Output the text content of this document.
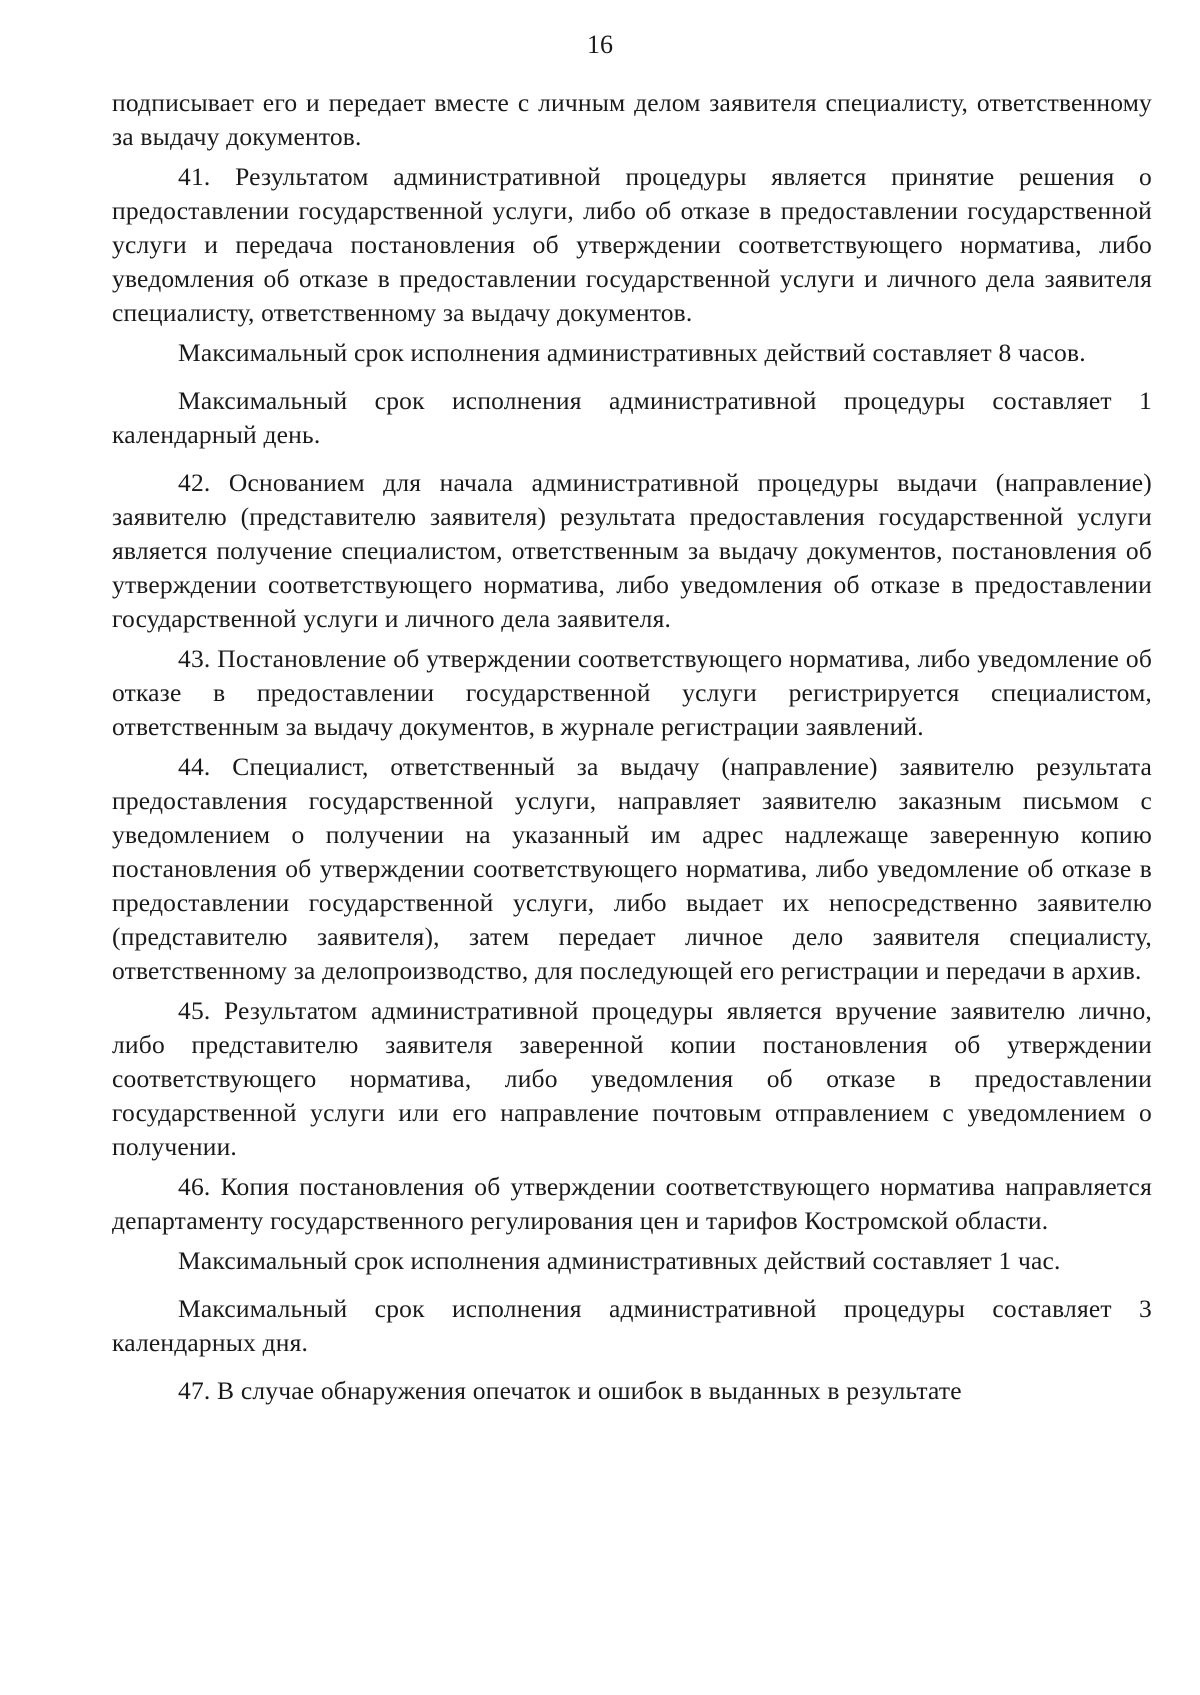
16

подписывает его и передает вместе с личным делом заявителя специалисту, ответственному за выдачу документов.

41. Результатом административной процедуры является принятие решения о предоставлении государственной услуги, либо об отказе в предоставлении государственной услуги и передача постановления об утверждении соответствующего норматива, либо уведомления об отказе в предоставлении государственной услуги и личного дела заявителя специалисту, ответственному за выдачу документов.

Максимальный срок исполнения административных действий составляет 8 часов.

Максимальный срок исполнения административной процедуры составляет 1 календарный день.

42. Основанием для начала административной процедуры выдачи (направление) заявителю (представителю заявителя) результата предоставления государственной услуги является получение специалистом, ответственным за выдачу документов, постановления об утверждении соответствующего норматива, либо уведомления об отказе в предоставлении государственной услуги и личного дела заявителя.

43. Постановление об утверждении соответствующего норматива, либо уведомление об отказе в предоставлении государственной услуги регистрируется специалистом, ответственным за выдачу документов, в журнале регистрации заявлений.

44. Специалист, ответственный за выдачу (направление) заявителю результата предоставления государственной услуги, направляет заявителю заказным письмом с уведомлением о получении на указанный им адрес надлежаще заверенную копию постановления об утверждении соответствующего норматива, либо уведомление об отказе в предоставлении государственной услуги, либо выдает их непосредственно заявителю (представителю заявителя), затем передает личное дело заявителя специалисту, ответственному за делопроизводство, для последующей его регистрации и передачи в архив.

45. Результатом административной процедуры является вручение заявителю лично, либо представителю заявителя заверенной копии постановления об утверждении соответствующего норматива, либо уведомления об отказе в предоставлении государственной услуги или его направление почтовым отправлением с уведомлением о получении.

46. Копия постановления об утверждении соответствующего норматива направляется департаменту государственного регулирования цен и тарифов Костромской области.

Максимальный срок исполнения административных действий составляет 1 час.

Максимальный срок исполнения административной процедуры составляет 3 календарных дня.

47. В случае обнаружения опечаток и ошибок в выданных в результате
